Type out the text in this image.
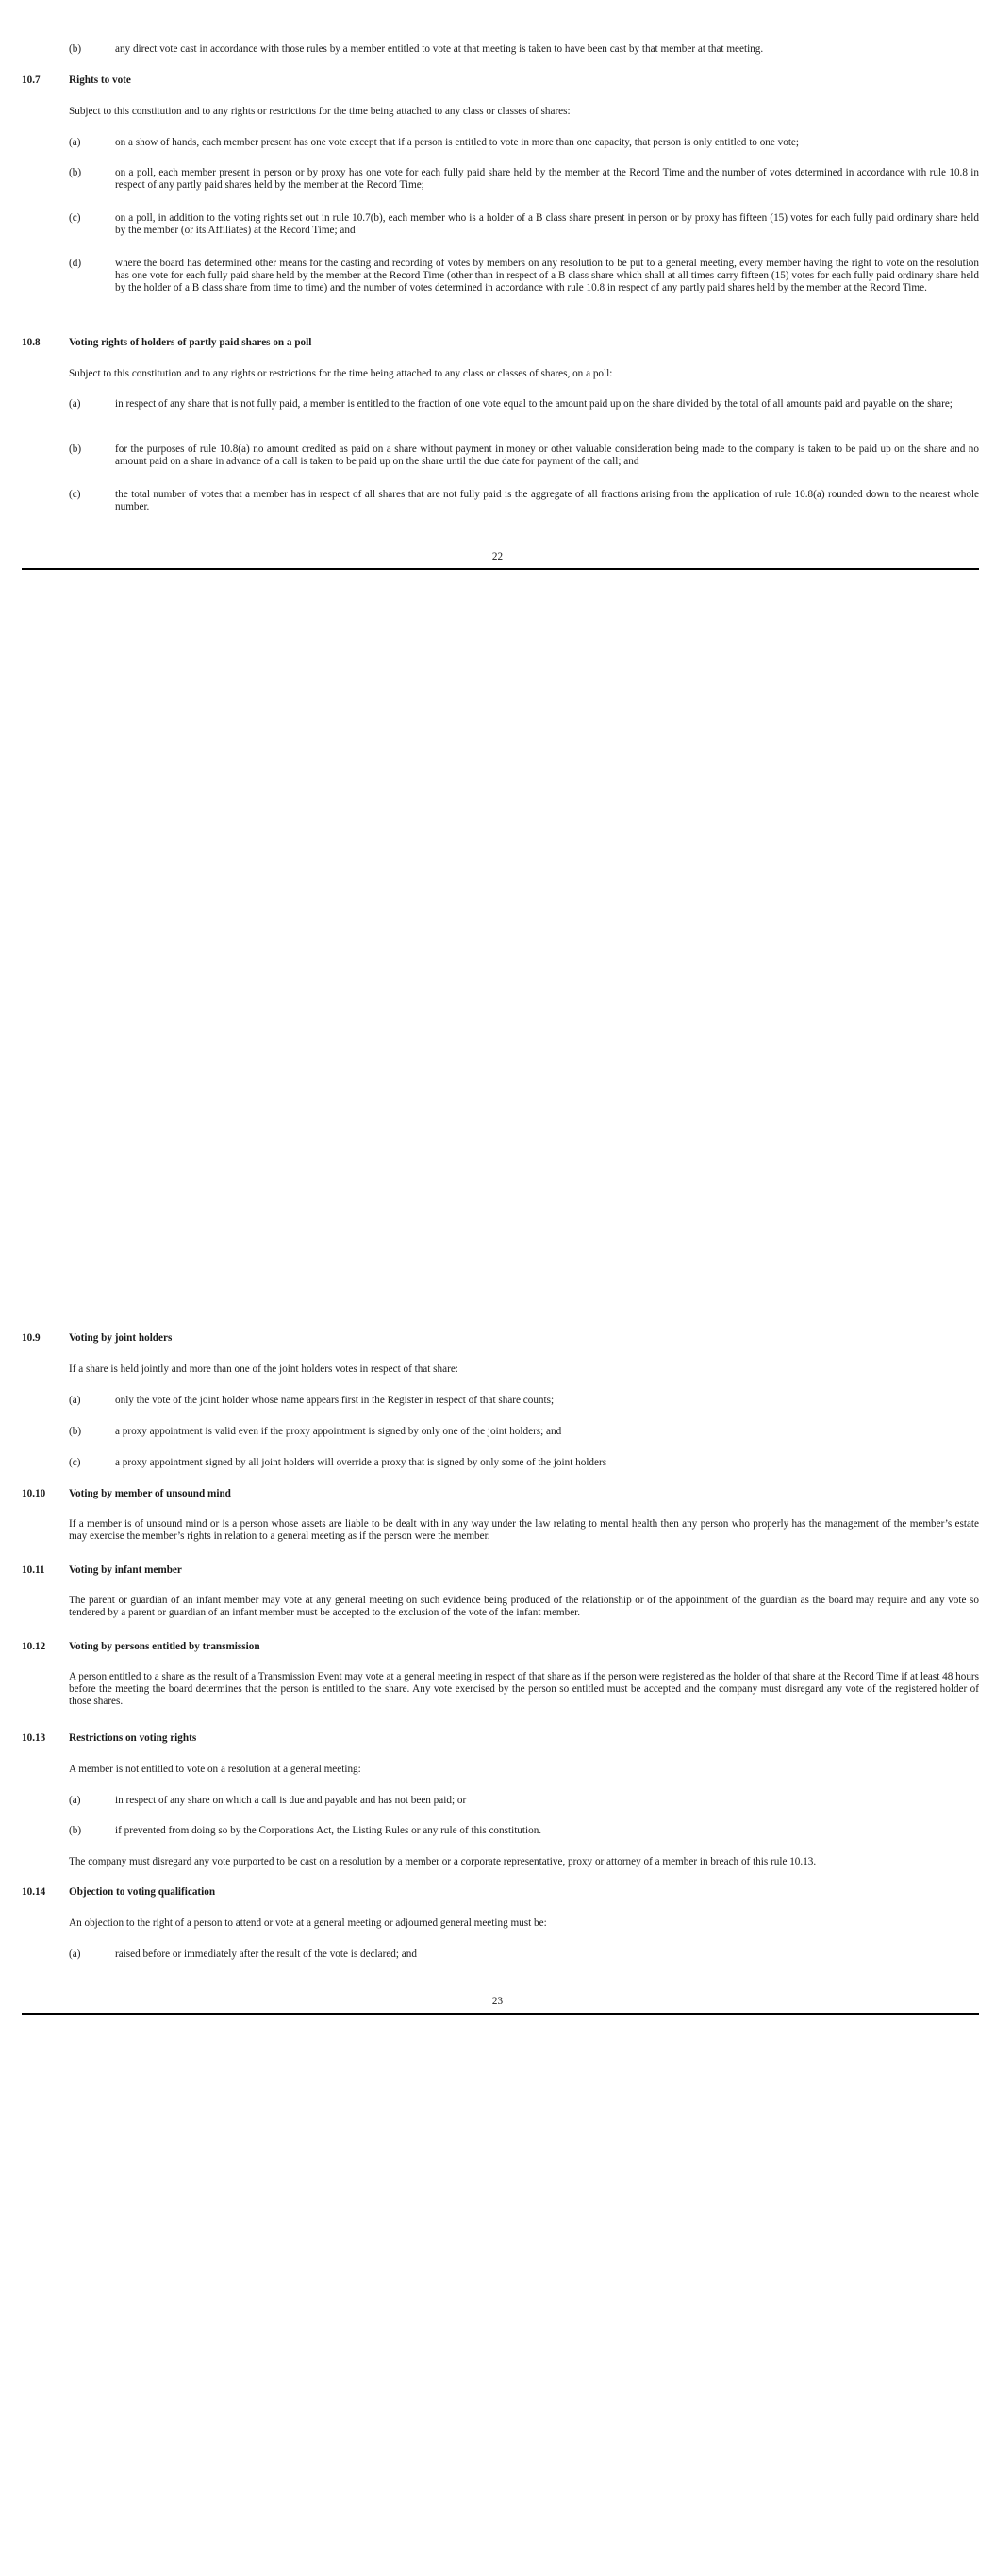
(b)	any direct vote cast in accordance with those rules by a member entitled to vote at that meeting is taken to have been cast by that member at that meeting.
10.7	Rights to vote
Subject to this constitution and to any rights or restrictions for the time being attached to any class or classes of shares:
(a)	on a show of hands, each member present has one vote except that if a person is entitled to vote in more than one capacity, that person is only entitled to one vote;
(b)	on a poll, each member present in person or by proxy has one vote for each fully paid share held by the member at the Record Time and the number of votes determined in accordance with rule 10.8 in respect of any partly paid shares held by the member at the Record Time;
(c)	on a poll, in addition to the voting rights set out in rule 10.7(b), each member who is a holder of a B class share present in person or by proxy has fifteen (15) votes for each fully paid ordinary share held by the member (or its Affiliates) at the Record Time; and
(d)	where the board has determined other means for the casting and recording of votes by members on any resolution to be put to a general meeting, every member having the right to vote on the resolution has one vote for each fully paid share held by the member at the Record Time (other than in respect of a B class share which shall at all times carry fifteen (15) votes for each fully paid ordinary share held by the holder of a B class share from time to time) and the number of votes determined in accordance with rule 10.8 in respect of any partly paid shares held by the member at the Record Time.
10.8	Voting rights of holders of partly paid shares on a poll
Subject to this constitution and to any rights or restrictions for the time being attached to any class or classes of shares, on a poll:
(a)	in respect of any share that is not fully paid, a member is entitled to the fraction of one vote equal to the amount paid up on the share divided by the total of all amounts paid and payable on the share;
(b)	for the purposes of rule 10.8(a) no amount credited as paid on a share without payment in money or other valuable consideration being made to the company is taken to be paid up on the share and no amount paid on a share in advance of a call is taken to be paid up on the share until the due date for payment of the call; and
(c)	the total number of votes that a member has in respect of all shares that are not fully paid is the aggregate of all fractions arising from the application of rule 10.8(a) rounded down to the nearest whole number.
22
10.9	Voting by joint holders
If a share is held jointly and more than one of the joint holders votes in respect of that share:
(a)	only the vote of the joint holder whose name appears first in the Register in respect of that share counts;
(b)	a proxy appointment is valid even if the proxy appointment is signed by only one of the joint holders; and
(c)	a proxy appointment signed by all joint holders will override a proxy that is signed by only some of the joint holders
10.10 Voting by member of unsound mind
If a member is of unsound mind or is a person whose assets are liable to be dealt with in any way under the law relating to mental health then any person who properly has the management of the member’s estate may exercise the member’s rights in relation to a general meeting as if the person were the member.
10.11 Voting by infant member
The parent or guardian of an infant member may vote at any general meeting on such evidence being produced of the relationship or of the appointment of the guardian as the board may require and any vote so tendered by a parent or guardian of an infant member must be accepted to the exclusion of the vote of the infant member.
10.12 Voting by persons entitled by transmission
A person entitled to a share as the result of a Transmission Event may vote at a general meeting in respect of that share as if the person were registered as the holder of that share at the Record Time if at least 48 hours before the meeting the board determines that the person is entitled to the share. Any vote exercised by the person so entitled must be accepted and the company must disregard any vote of the registered holder of those shares.
10.13 Restrictions on voting rights
A member is not entitled to vote on a resolution at a general meeting:
(a)	in respect of any share on which a call is due and payable and has not been paid; or
(b)	if prevented from doing so by the Corporations Act, the Listing Rules or any rule of this constitution.
The company must disregard any vote purported to be cast on a resolution by a member or a corporate representative, proxy or attorney of a member in breach of this rule 10.13.
10.14 Objection to voting qualification
An objection to the right of a person to attend or vote at a general meeting or adjourned general meeting must be:
(a)	raised before or immediately after the result of the vote is declared; and
23
